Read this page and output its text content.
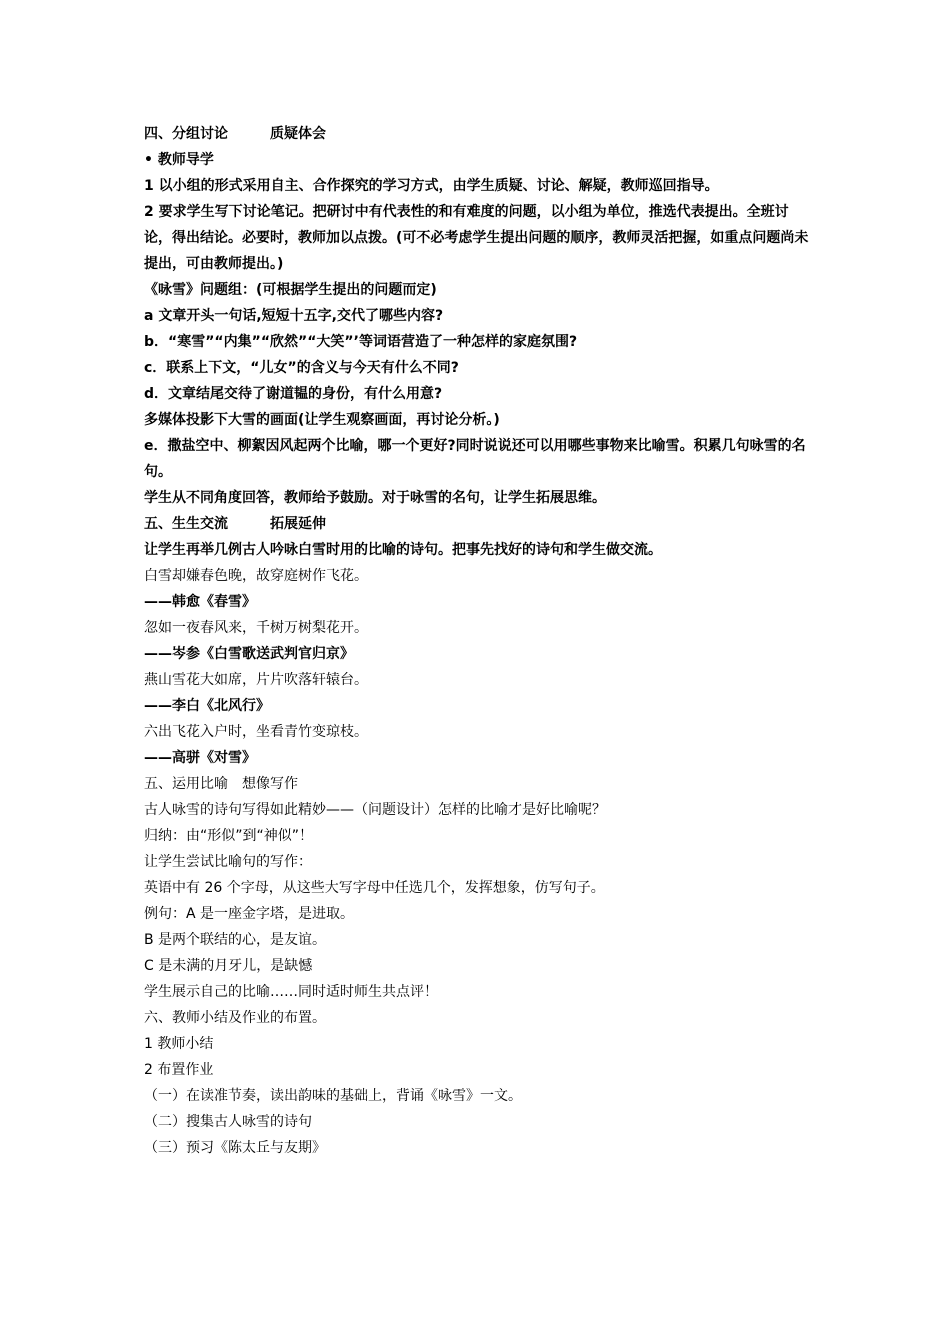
四、分组讨论　　　质疑体会

• 教师导学

1 以小组的形式采用自主、合作探究的学习方式，由学生质疑、讨论、解疑，教师巡回指导。

2 要求学生写下讨论笔记。把研讨中有代表性的和有难度的问题，以小组为单位，推选代表提出。全班讨论，得出结论。必要时，教师加以点拨。(可不必考虑学生提出问题的顺序，教师灵活把握，如重点问题尚未提出，可由教师提出。)

《咏雪》问题组：(可根据学生提出的问题而定)

a 文章开头一句话,短短十五字,交代了哪些内容?

b．“寒雪”“内集”“欣然”“大笑”’等词语营造了一种怎样的家庭氛围?

c．联系上下文，“儿女”的含义与今天有什么不同?

d．文章结尾交待了谢道韫的身份，有什么用意?

多媒体投影下大雪的画面(让学生观察画面，再讨论分析。)

e．撒盐空中、柳絮因风起两个比喻，哪一个更好?同时说说还可以用哪些事物来比喻雪。积累几句咏雪的名句。

学生从不同角度回答，教师给予鼓励。对于咏雪的名句，让学生拓展思维。

五、生生交流　　　拓展延伸

让学生再举几例古人吟咏白雪时用的比喻的诗句。把事先找好的诗句和学生做交流。

白雪却嫌春色晚，故穿庭树作飞花。

——韩愈《春雪》

忽如一夜春风来，千树万树梨花开。

——岑参《白雪歌送武判官归京》

燕山雪花大如席，片片吹落轩辕台。

——李白《北风行》

六出飞花入户时，坐看青竹变琼枝。

——高骈《对雪》

五、运用比喻　想像写作

古人咏雪的诗句写得如此精妙——（问题设计）怎样的比喻才是好比喻呢？

归纳：由“形似”到“神似”！

让学生尝试比喻句的写作：

英语中有 26 个字母，从这些大写字母中任选几个，发挥想象，仿写句子。

例句：A 是一座金字塔，是进取。

B 是两个联结的心，是友谊。

C 是未满的月牙儿，是缺憾

学生展示自己的比喻……同时适时师生共点评！

六、教师小结及作业的布置。

1 教师小结

2 布置作业

（一）在读准节奏，读出韵味的基础上，背诵《咏雪》一文。

（二）搜集古人咏雪的诗句

（三）预习《陈太丘与友期》
